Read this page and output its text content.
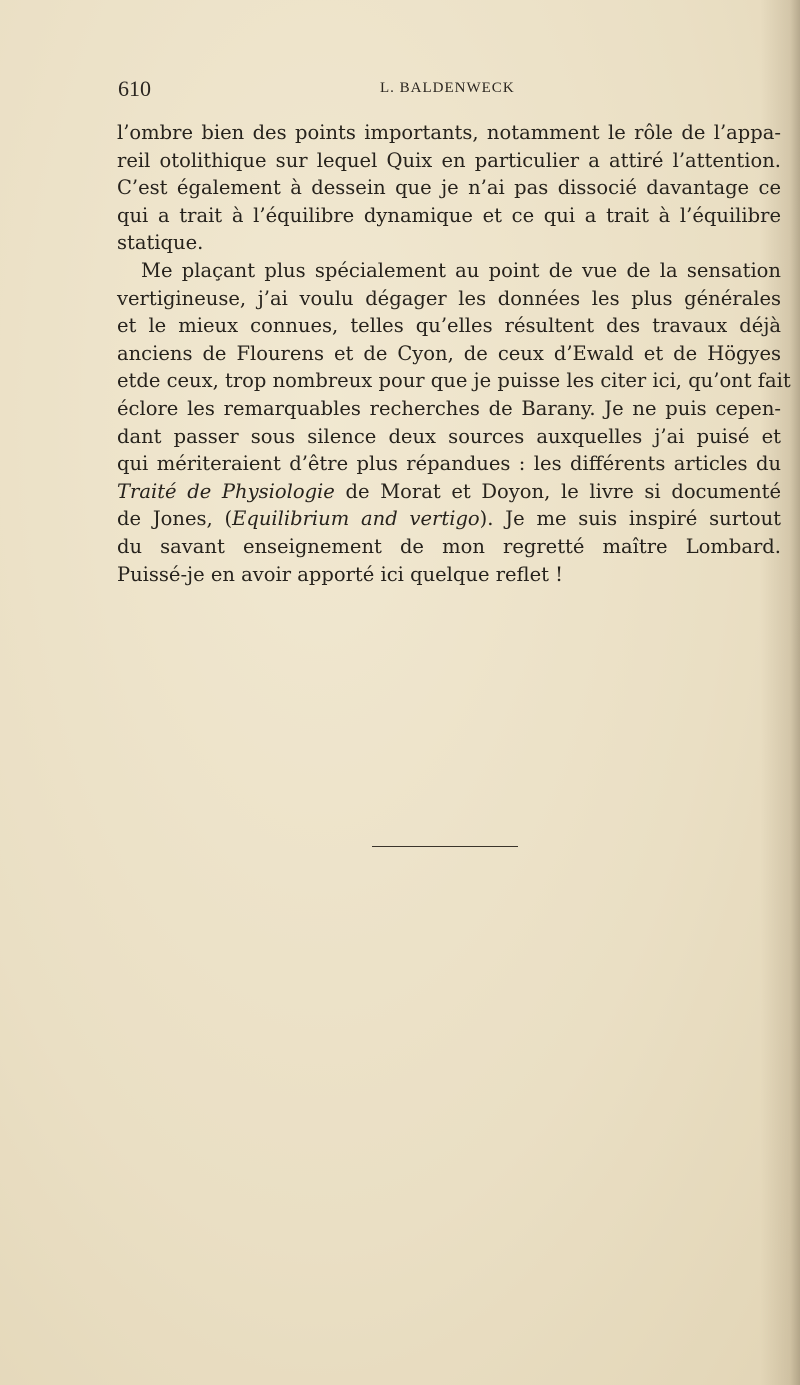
610	L. BALDENWECK
l’ombre bien des points importants, notamment le rôle de l’appa-
reil otolithique sur lequel Quix en particulier a attiré l’attention.
C’est également à dessein que je n’ai pas dissocié davantage ce
qui a trait à l’équilibre dynamique et ce qui a trait à l’équilibre
statique.
Me plaçant plus spécialement au point de vue de la sensation
vertigineuse, j’ai voulu dégager les données les plus générales
et le mieux connues, telles qu’elles résultent des travaux déjà
anciens de Flourens et de Cyon, de ceux d’Ewald et de Högyes
etde ceux, trop nombreux pour que je puisse les citer ici, qu’ont fait
éclore les remarquables recherches de Barany. Je ne puis cepen-
dant passer sous silence deux sources auxquelles j’ai puisé et
qui mériteraient d’être plus répandues : les différents articles du
Traité de Physiologie de Morat et Doyon, le livre si documenté
de Jones, (Equilibrium and vertigo). Je me suis inspiré surtout
du savant enseignement de mon regretté maître Lombard.
Puissé-je en avoir apporté ici quelque reflet !
